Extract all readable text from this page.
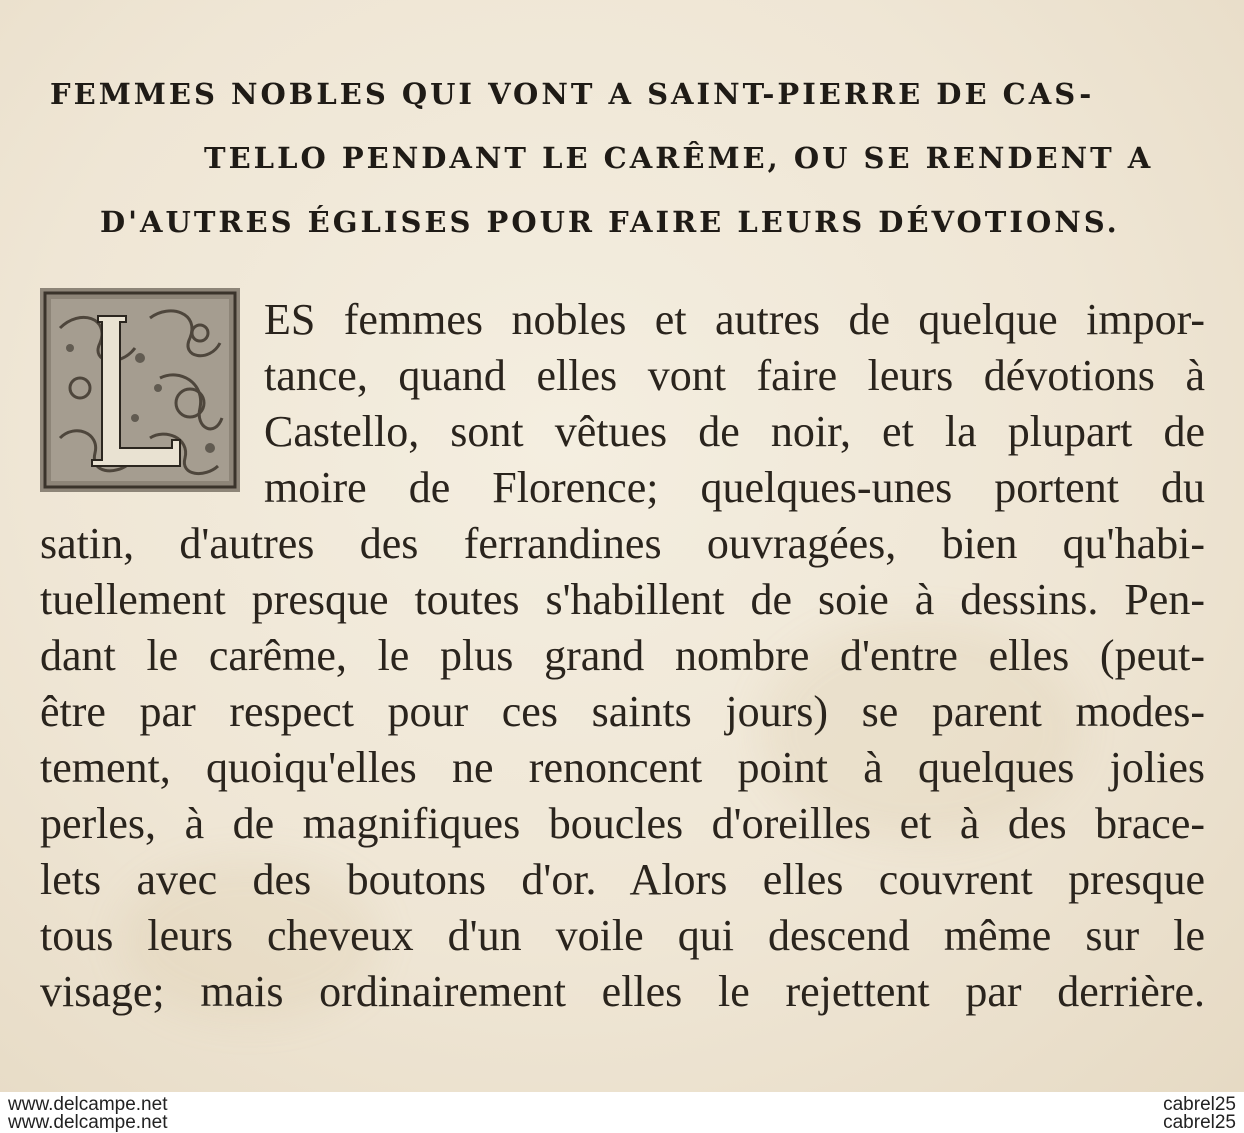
FEMMES NOBLES QUI VONT A SAINT-PIERRE DE CAS-
TELLO PENDANT LE CARÊME, OU SE RENDENT A
D'AUTRES ÉGLISES POUR FAIRE LEURS DÉVOTIONS.
ES femmes nobles et autres de quelque impor-
tance, quand elles vont faire leurs dévotions à
Castello, sont vêtues de noir, et la plupart de
moire de Florence; quelques-unes portent du
satin, d'autres des ferrandines ouvragées, bien qu'habi-
tuellement presque toutes s'habillent de soie à dessins. Pen-
dant le carême, le plus grand nombre d'entre elles (peut-
être par respect pour ces saints jours) se parent modes-
tement, quoiqu'elles ne renoncent point à quelques jolies
perles, à de magnifiques boucles d'oreilles et à des brace-
lets avec des boutons d'or. Alors elles couvrent presque
tous leurs cheveux d'un voile qui descend même sur le
visage; mais ordinairement elles le rejettent par derrière.
www.delcampe.net
www.delcampe.net
cabrel25
cabrel25
